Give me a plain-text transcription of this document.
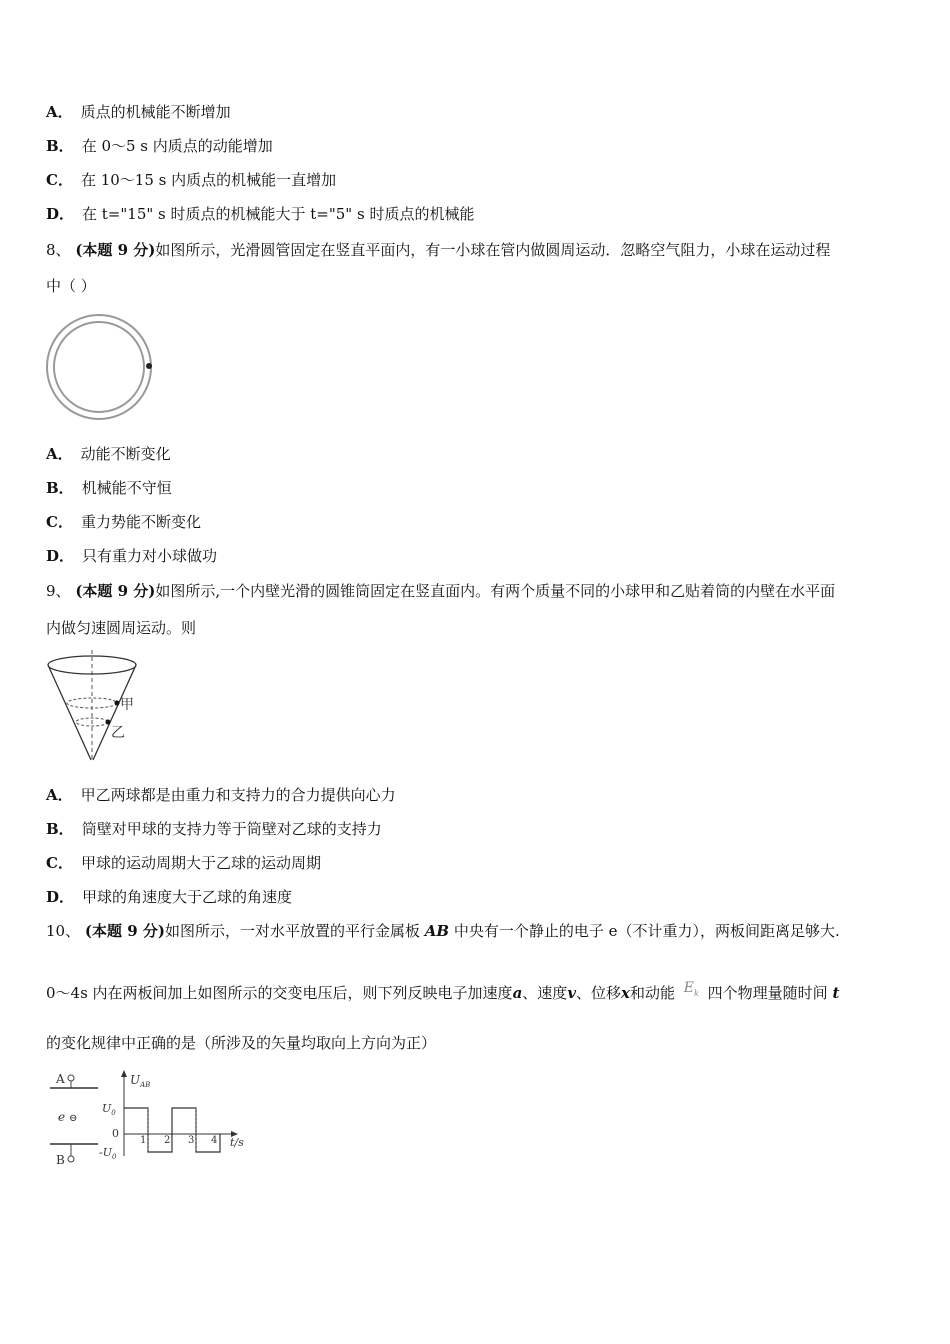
A． 质点的机械能不断增加
B． 在 0～5 s 内质点的动能增加
C． 在 10～15 s 内质点的机械能一直增加
D． 在 t="15" s 时质点的机械能大于 t="5" s 时质点的机械能
8、 (本题 9 分)如图所示，光滑圆管固定在竖直平面内，有一小球在管内做圆周运动．忽略空气阻力，小球在运动过程
中（ ）
A． 动能不断变化
B． 机械能不守恒
C． 重力势能不断变化
D． 只有重力对小球做功
9、 (本题 9 分)如图所示,一个内壁光滑的圆锥筒固定在竖直面内。有两个质量不同的小球甲和乙贴着筒的内壁在水平面
内做匀速圆周运动。则
甲
乙
A． 甲乙两球都是由重力和支持力的合力提供向心力
B． 筒壁对甲球的支持力等于筒壁对乙球的支持力
C． 甲球的运动周期大于乙球的运动周期
D． 甲球的角速度大于乙球的角速度
10、 (本题 9 分)如图所示，一对水平放置的平行金属板 AB 中央有一个静止的电子 e（不计重力），两板间距离足够大.
0～4s 内在两板间加上如图所示的交变电压后，则下列反映电子加速度a、速度v、位移x和动能 $E_k$ 四个物理量随时间 t
的变化规律中正确的是（所涉及的矢量均取向上方向为正）
A
e ⊖
B
$U_{AB}$
t/s
$U_0$
0
$-U_0$
1 2 3 4
